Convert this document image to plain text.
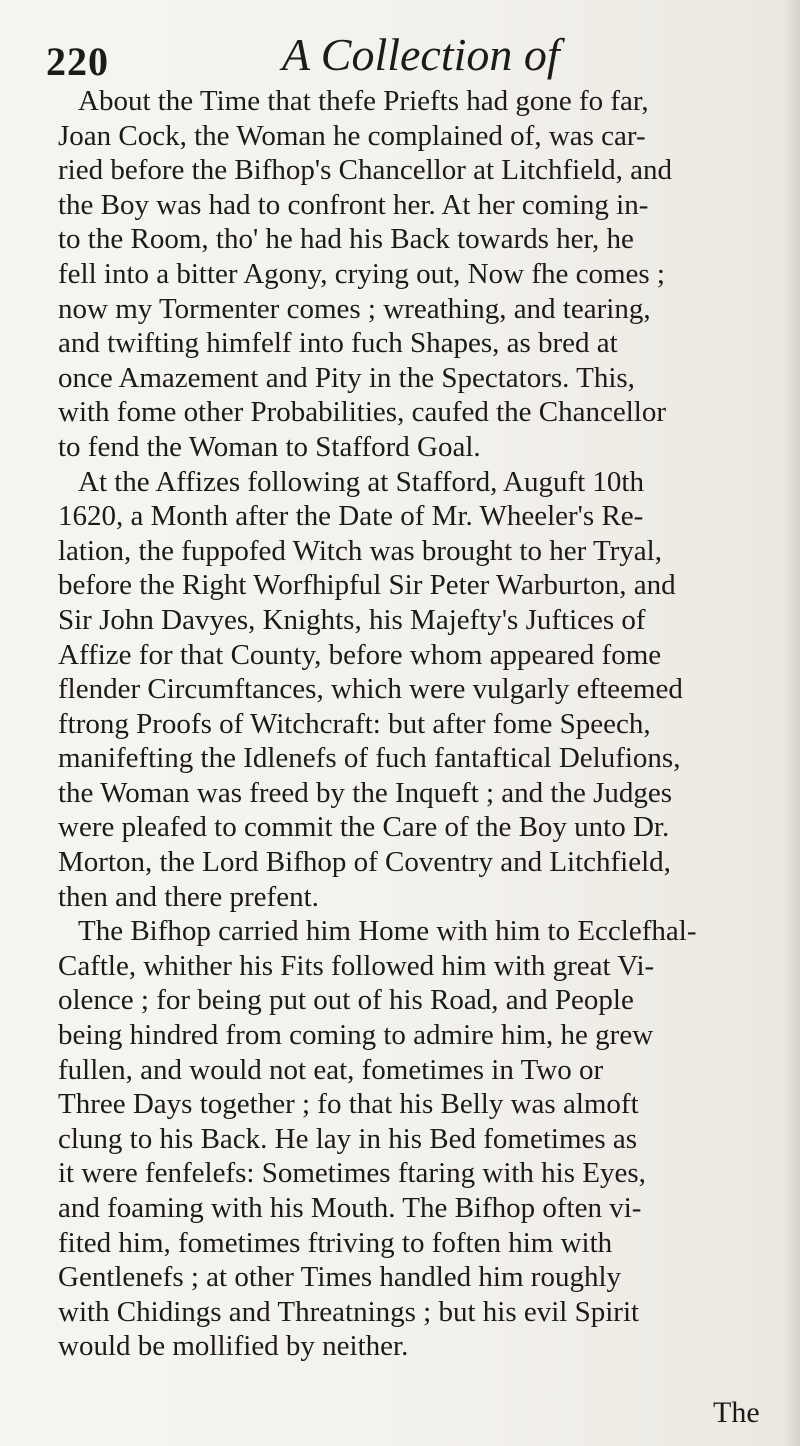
220	A Collection of
About the Time that thefe Priefts had gone fo far,
Joan Cock, the Woman he complained of, was car-
ried before the Bifhop's Chancellor at Litchfield, and
the Boy was had to confront her. At her coming in-
to the Room, tho' he had his Back towards her, he
fell into a bitter Agony, crying out, Now fhe comes ;
now my Tormenter comes ; wreathing, and tearing,
and twifting himfelf into fuch Shapes, as bred at
once Amazement and Pity in the Spectators. This,
with fome other Probabilities, caufed the Chancellor
to fend the Woman to Stafford Goal.
At the Affizes following at Stafford, Auguft 10th
1620, a Month after the Date of Mr. Wheeler's Re-
lation, the fuppofed Witch was brought to her Tryal,
before the Right Worfhipful Sir Peter Warburton, and
Sir John Davyes, Knights, his Majefty's Juftices of
Affize for that County, before whom appeared fome
flender Circumftances, which were vulgarly efteemed
ftrong Proofs of Witchcraft: but after fome Speech,
manifefting the Idlenefs of fuch fantaftical Delufions,
the Woman was freed by the Inqueft ; and the Judges
were pleafed to commit the Care of the Boy unto Dr.
Morton, the Lord Bifhop of Coventry and Litchfield,
then and there prefent.
The Bifhop carried him Home with him to Ecclefhal-
Caftle, whither his Fits followed him with great Vi-
olence ; for being put out of his Road, and People
being hindred from coming to admire him, he grew
fullen, and would not eat, fometimes in Two or
Three Days together ; fo that his Belly was almoft
clung to his Back. He lay in his Bed fometimes as
it were fenfelefs: Sometimes ftaring with his Eyes,
and foaming with his Mouth. The Bifhop often vi-
fited him, fometimes ftriving to foften him with
Gentlenefs ; at other Times handled him roughly
with Chidings and Threatnings ; but his evil Spirit
would be mollified by neither.
The
